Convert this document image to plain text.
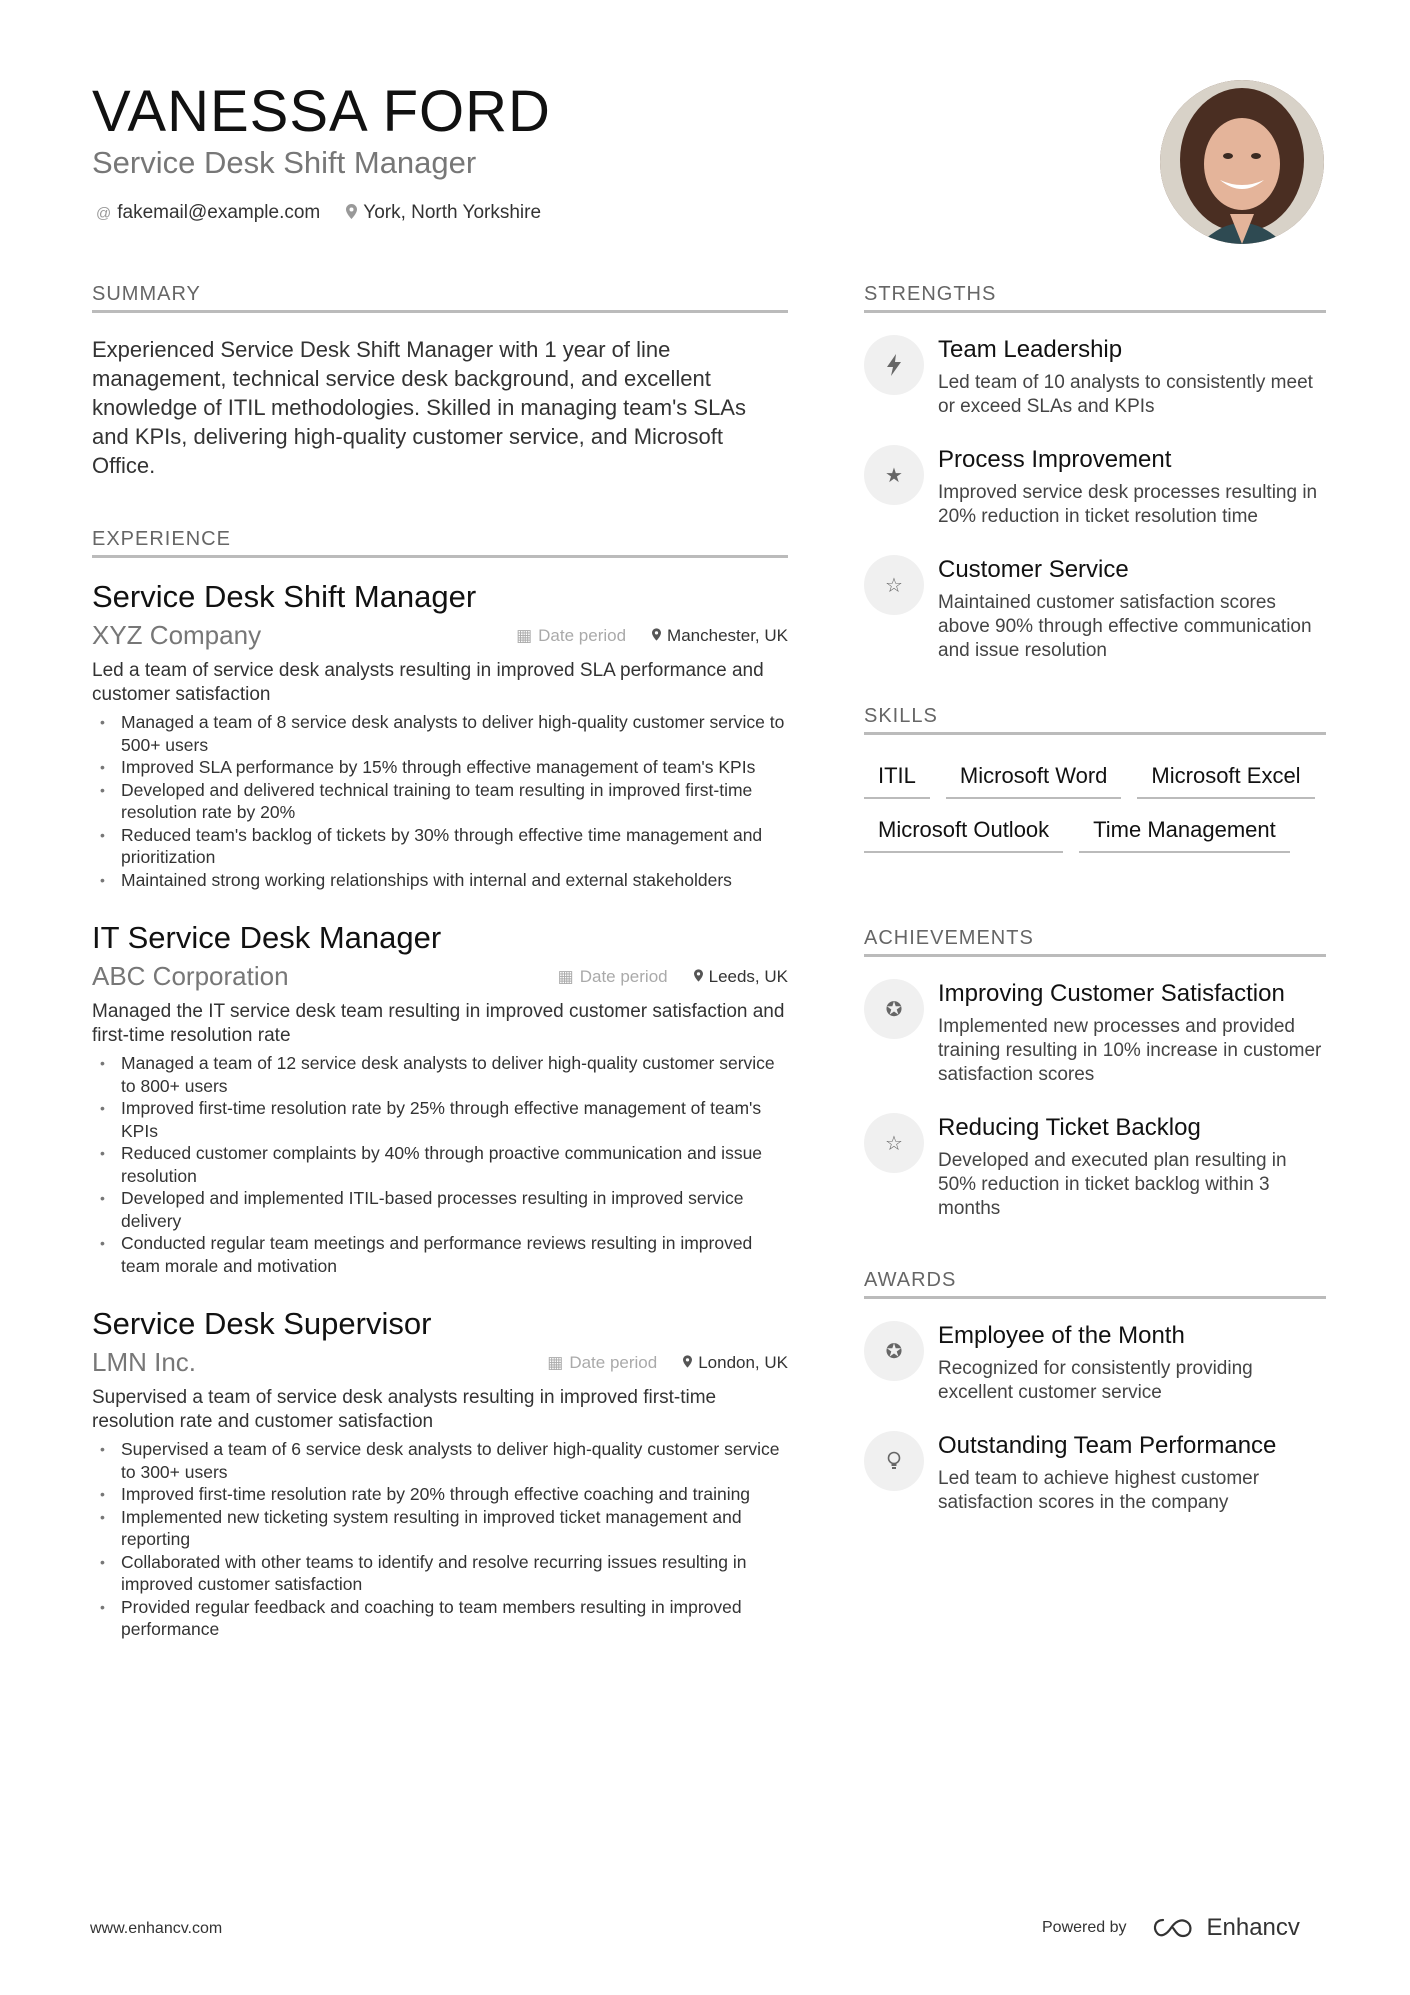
VANESSA FORD
Service Desk Shift Manager
@ fakemail@example.com York, North Yorkshire
SUMMARY

Experienced Service Desk Shift Manager with 1 year of line management, technical service desk background, and excellent knowledge of ITIL methodologies. Skilled in managing team's SLAs and KPIs, delivering high-quality customer service, and Microsoft Office.

EXPERIENCE
Service Desk Shift Manager
XYZ Company	▦ Date period Manchester, UK
Led a team of service desk analysts resulting in improved SLA performance and customer satisfaction
• Managed a team of 8 service desk analysts to deliver high-quality customer service to 500+ users
• Improved SLA performance by 15% through effective management of team's KPIs
• Developed and delivered technical training to team resulting in improved first-time resolution rate by 20%
• Reduced team's backlog of tickets by 30% through effective time management and prioritization
• Maintained strong working relationships with internal and external stakeholders
IT Service Desk Manager
ABC Corporation	▦ Date period Leeds, UK
Managed the IT service desk team resulting in improved customer satisfaction and first-time resolution rate
• Managed a team of 12 service desk analysts to deliver high-quality customer service to 800+ users
• Improved first-time resolution rate by 25% through effective management of team's KPIs
• Reduced customer complaints by 40% through proactive communication and issue resolution
• Developed and implemented ITIL-based processes resulting in improved service delivery
• Conducted regular team meetings and performance reviews resulting in improved team morale and motivation
Service Desk Supervisor
LMN Inc.	▦ Date period London, UK
Supervised a team of service desk analysts resulting in improved first-time resolution rate and customer satisfaction
• Supervised a team of 6 service desk analysts to deliver high-quality customer service to 300+ users
• Improved first-time resolution rate by 20% through effective coaching and training
• Implemented new ticketing system resulting in improved ticket management and reporting
• Collaborated with other teams to identify and resolve recurring issues resulting in improved customer satisfaction
• Provided regular feedback and coaching to team members resulting in improved performance
STRENGTHS
Team Leadership
Led team of 10 analysts to consistently meet or exceed SLAs and KPIs
★
Process Improvement
Improved service desk processes resulting in 20% reduction in ticket resolution time
☆
Customer Service
Maintained customer satisfaction scores above 90% through effective communication and issue resolution
SKILLS
ITIL	Microsoft Word	Microsoft Excel
Microsoft Outlook	Time Management
ACHIEVEMENTS
✪
Improving Customer Satisfaction
Implemented new processes and provided training resulting in 10% increase in customer satisfaction scores
☆
Reducing Ticket Backlog
Developed and executed plan resulting in 50% reduction in ticket backlog within 3 months
AWARDS
✪
Employee of the Month
Recognized for consistently providing excellent customer service
Outstanding Team Performance
Led team to achieve highest customer satisfaction scores in the company
www.enhancv.com	Powered by	Enhancv
